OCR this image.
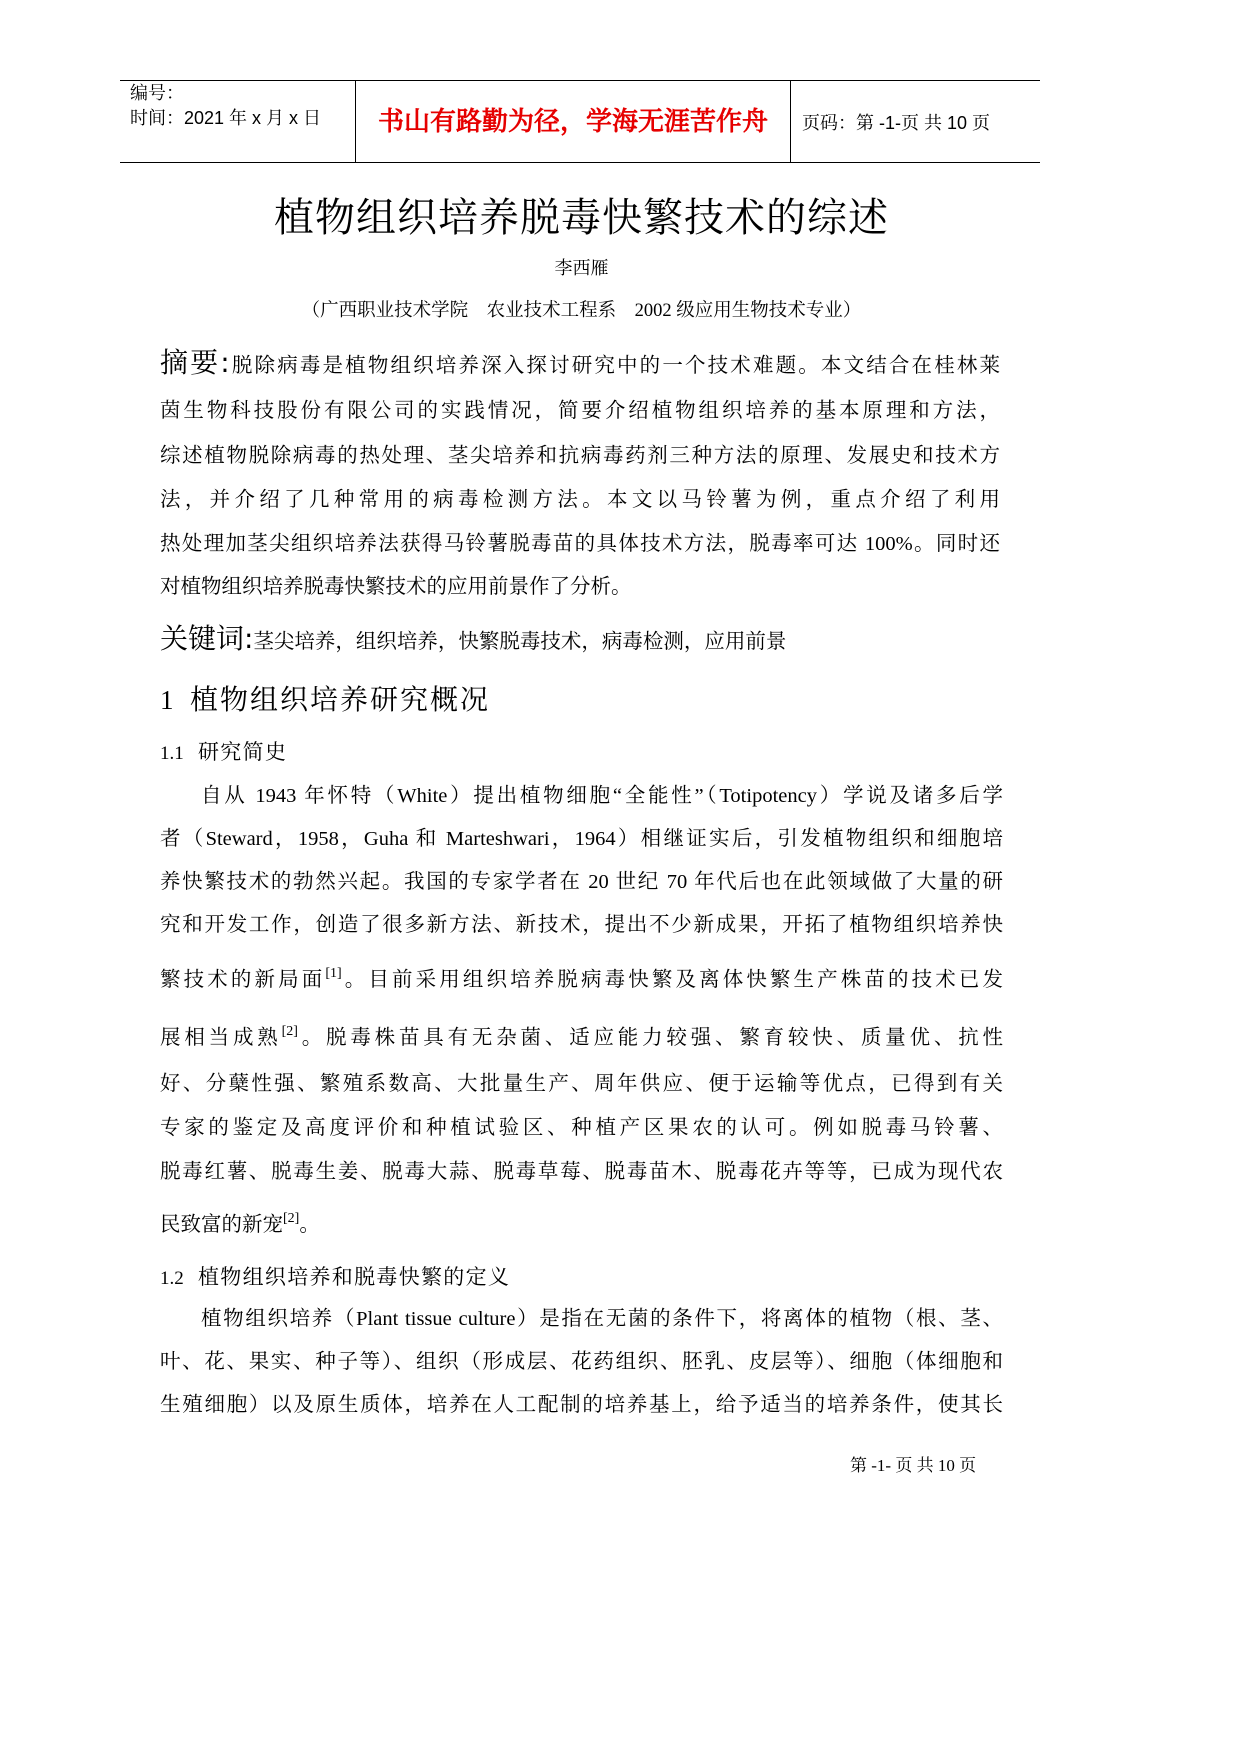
编号：
时间：2021 年 x 月 x 日	书山有路勤为径，学海无涯苦作舟	页码：第 -1-页 共 10 页
植物组织培养脱毒快繁技术的综述
李西雁
（广西职业技术学院　农业技术工程系　2002 级应用生物技术专业）
摘要:脱除病毒是植物组织培养深入探讨研究中的一个技术难题。本文结合在桂林莱
茵生物科技股份有限公司的实践情况，简要介绍植物组织培养的基本原理和方法，
综述植物脱除病毒的热处理、茎尖培养和抗病毒药剂三种方法的原理、发展史和技术方
法，并介绍了几种常用的病毒检测方法。本文以马铃薯为例，重点介绍了利用
热处理加茎尖组织培养法获得马铃薯脱毒苗的具体技术方法，脱毒率可达 100%。同时还
对植物组织培养脱毒快繁技术的应用前景作了分析。
关键词:茎尖培养，组织培养，快繁脱毒技术，病毒检测，应用前景
1 植物组织培养研究概况
1.1 研究简史
自从 1943 年怀特（White）提出植物细胞“全能性”（Totipotency）学说及诸多后学
者（Steward，1958，Guha 和 Marteshwari，1964）相继证实后，引发植物组织和细胞培
养快繁技术的勃然兴起。我国的专家学者在 20 世纪 70 年代后也在此领域做了大量的研
究和开发工作，创造了很多新方法、新技术，提出不少新成果，开拓了植物组织培养快
繁技术的新局面[1]。目前采用组织培养脱病毒快繁及离体快繁生产株苗的技术已发
展相当成熟[2]。脱毒株苗具有无杂菌、适应能力较强、繁育较快、质量优、抗性
好、分蘖性强、繁殖系数高、大批量生产、周年供应、便于运输等优点，已得到有关
专家的鉴定及高度评价和种植试验区、种植产区果农的认可。例如脱毒马铃薯、
脱毒红薯、脱毒生姜、脱毒大蒜、脱毒草莓、脱毒苗木、脱毒花卉等等，已成为现代农
民致富的新宠[2]。
1.2 植物组织培养和脱毒快繁的定义
植物组织培养（Plant tissue culture）是指在无菌的条件下，将离体的植物（根、茎、
叶、花、果实、种子等）、组织（形成层、花药组织、胚乳、皮层等）、细胞（体细胞和
生殖细胞）以及原生质体，培养在人工配制的培养基上，给予适当的培养条件，使其长
第 -1- 页 共 10 页
